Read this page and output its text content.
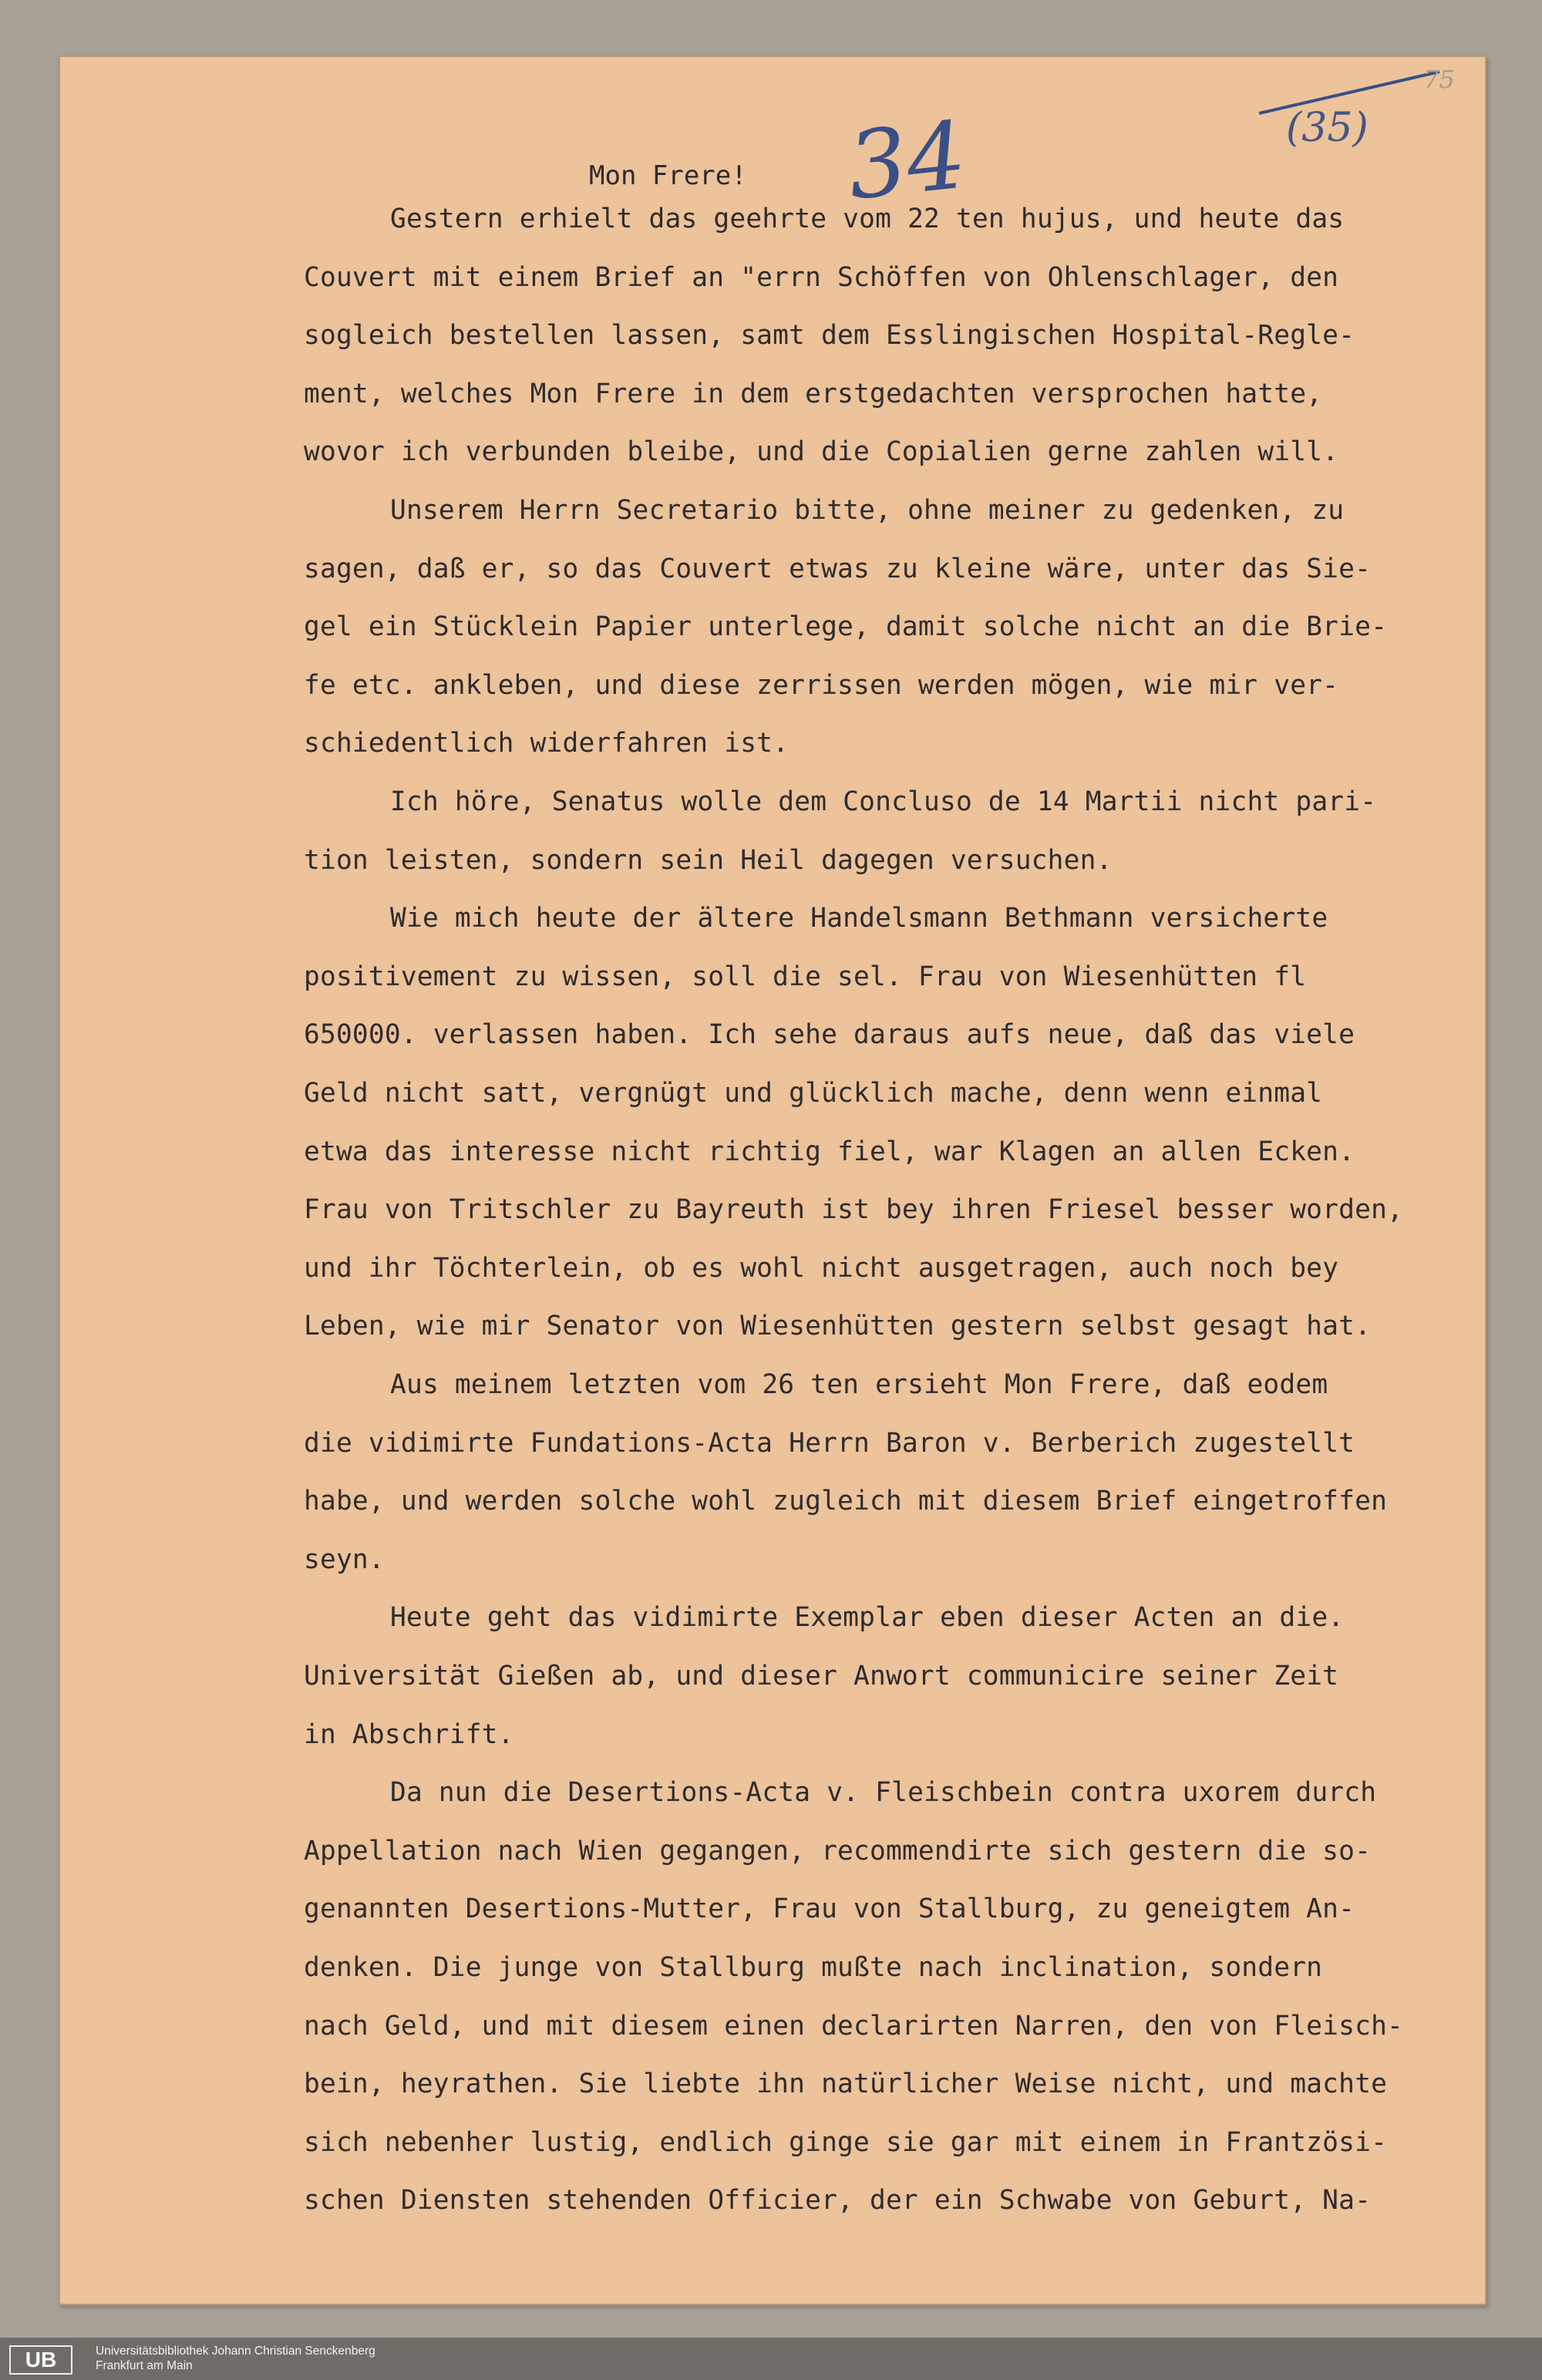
34	(35)
75
Mon Frere!
Gestern erhielt das geehrte vom 22 ten hujus, und heute das
Couvert mit einem Brief an "errn Schöffen von Ohlenschlager, den
sogleich bestellen lassen, samt dem Esslingischen Hospital-Regle-
ment, welches Mon Frere in dem erstgedachten versprochen hatte,
wovor ich verbunden bleibe, und die Copialien gerne zahlen will.
Unserem Herrn Secretario bitte, ohne meiner zu gedenken, zu
sagen, daß er, so das Couvert etwas zu kleine wäre, unter das Sie-
gel ein Stücklein Papier unterlege, damit solche nicht an die Brie-
fe etc. ankleben, und diese zerrissen werden mögen, wie mir ver-
schiedentlich widerfahren ist.
Ich höre, Senatus wolle dem Concluso de 14 Martii nicht pari-
tion leisten, sondern sein Heil dagegen versuchen.
Wie mich heute der ältere Handelsmann Bethmann versicherte
positivement zu wissen, soll die sel. Frau von Wiesenhütten fl
650000. verlassen haben. Ich sehe daraus aufs neue, daß das viele
Geld nicht satt, vergnügt und glücklich mache, denn wenn einmal
etwa das interesse nicht richtig fiel, war Klagen an allen Ecken.
Frau von Tritschler zu Bayreuth ist bey ihren Friesel besser worden,
und ihr Töchterlein, ob es wohl nicht ausgetragen, auch noch bey
Leben, wie mir Senator von Wiesenhütten gestern selbst gesagt hat.
Aus meinem letzten vom 26 ten ersieht Mon Frere, daß eodem
die vidimirte Fundations-Acta Herrn Baron v. Berberich zugestellt
habe, und werden solche wohl zugleich mit diesem Brief eingetroffen
seyn.
Heute geht das vidimirte Exemplar eben dieser Acten an die.
Universität Gießen ab, und dieser Anwort communicire seiner Zeit
in Abschrift.
Da nun die Desertions-Acta v. Fleischbein contra uxorem durch
Appellation nach Wien gegangen, recommendirte sich gestern die so-
genannten Desertions-Mutter, Frau von Stallburg, zu geneigtem An-
denken. Die junge von Stallburg mußte nach inclination, sondern
nach Geld, und mit diesem einen declarirten Narren, den von Fleisch-
bein, heyrathen. Sie liebte ihn natürlicher Weise nicht, und machte
sich nebenher lustig, endlich ginge sie gar mit einem in Frantzösi-
schen Diensten stehenden Officier, der ein Schwabe von Geburt, Na-
UB	Universitätsbibliothek Johann Christian Senckenberg
Frankfurt am Main
